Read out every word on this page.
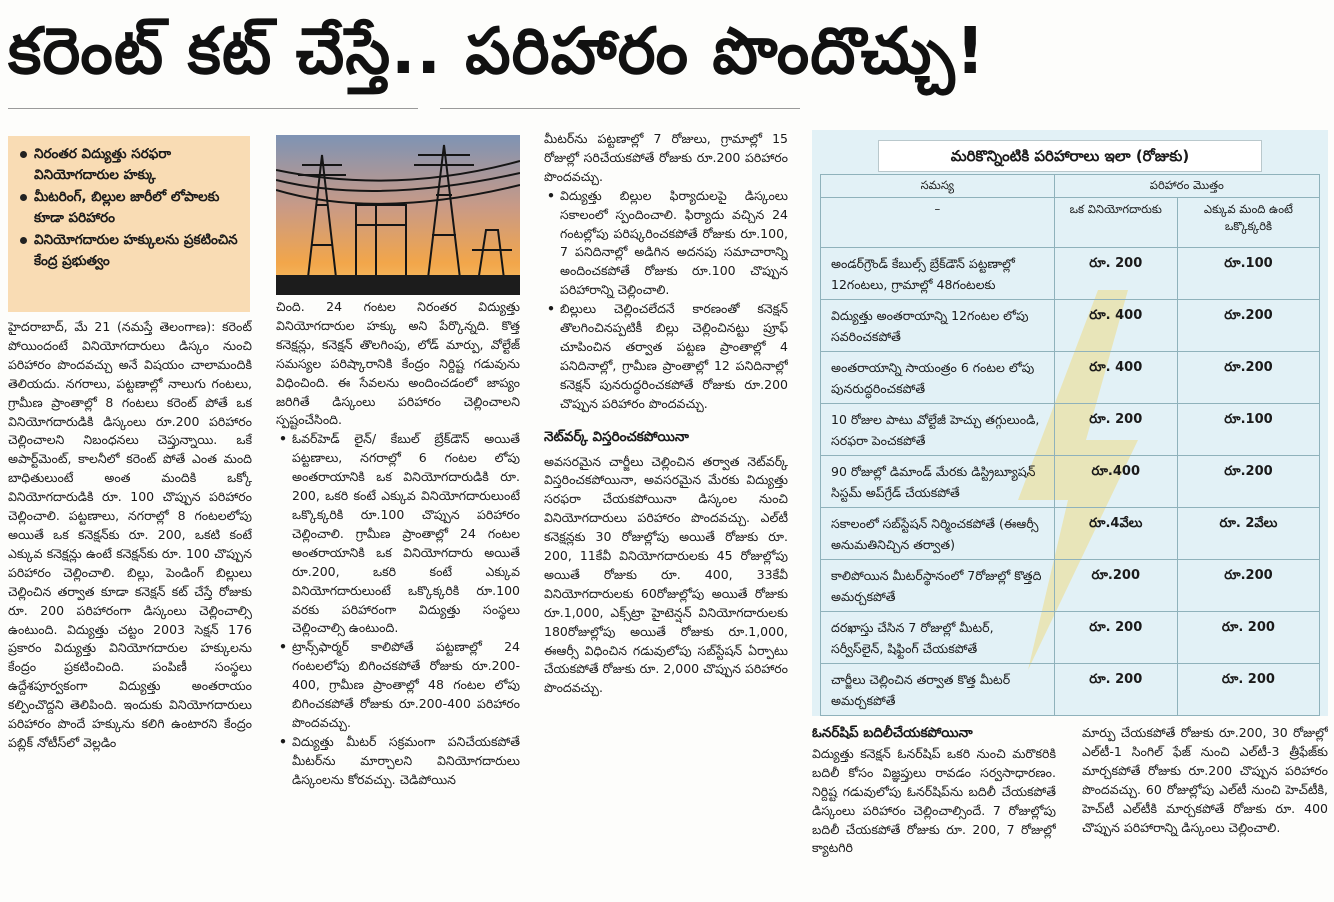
కరెంట్ కట్ చేస్తే.. పరిహారం పొందొచ్చు!
నిరంతర విద్యుత్తు సరఫరా వినియోగదారుల హక్కు
మీటరింగ్, బిల్లుల జారీలో లోపాలకు కూడా పరిహారం
వినియోగదారుల హక్కులను ప్రకటించిన కేంద్ర ప్రభుత్వం

హైదరాబాద్, మే 21 (నమస్తే తెలంగాణ): కరెంట్ పోయిందంటే వినియోగదారులు డిస్కం నుంచి పరిహారం పొందవచ్చు అనే విషయం చాలామందికి తెలియదు. నగరాలు, పట్టణాల్లో నాలుగు గంటలు, గ్రామీణ ప్రాంతాల్లో 8 గంటలు కరెంట్ పోతే ఒక వినియోగదారుడికి డిస్కంలు రూ.200 పరిహారం చెల్లించాలని నిబంధనలు చెప్తున్నాయి. ఒకే అపార్ట్‌మెంట్, కాలనీలో కరెంట్ పోతే ఎంత మంది బాధితులుంటే అంత మందికి ఒక్కో వినియోగదారుడికి రూ. 100 చొప్పున పరిహారం చెల్లించాలి. పట్టణాలు, నగరాల్లో 8 గంటలలోపు అయితే ఒక కనెక్షన్‌కు రూ. 200, ఒకటి కంటే ఎక్కువ కనెక్షన్లు ఉంటే కనెక్షన్‌కు రూ. 100 చొప్పున పరిహారం చెల్లించాలి. బిల్లు, పెండింగ్ బిల్లులు చెల్లించిన తర్వాత కూడా కనెక్షన్ కట్ చేస్తే రోజుకు రూ. 200 పరిహారంగా డిస్కంలు చెల్లించాల్సి ఉంటుంది. విద్యుత్తు చట్టం 2003 సెక్షన్ 176 ప్రకారం విద్యుత్తు వినియోగదారుల హక్కులను కేంద్రం ప్రకటించింది. పంపిణీ సంస్థలు ఉద్దేశపూర్వకంగా విద్యుత్తు అంతరాయం కల్పించొద్దని తెలిపింది. ఇందుకు వినియోగదారులు పరిహారం పొందే హక్కును కలిగి ఉంటారని కేంద్రం పబ్లిక్ నోటీస్‌లో వెల్లడిం

చింది. 24 గంటల నిరంతర విద్యుత్తు వినియోగదారుల హక్కు అని పేర్కొన్నది. కొత్త కనెక్షన్లు, కనెక్షన్ తొలగింపు, లోడ్ మార్పు, వోల్టేజ్ సమస్యల పరిష్కారానికి కేంద్రం నిర్దిష్ట గడువును విధించింది. ఈ సేవలను అందించడంలో జాప్యం జరిగితే డిస్కంలు పరిహారం చెల్లించాలని స్పష్టంచేసింది.

• ఓవర్‌హెడ్ లైన్/ కేబుల్ బ్రేక్‌డౌన్ అయితే పట్టణాలు, నగరాల్లో 6 గంటల లోపు అంతరాయానికి ఒక వినియోగదారుడికి రూ. 200, ఒకరి కంటే ఎక్కువ వినియోగదారులుంటే ఒక్కొక్కరికి రూ.100 చొప్పున పరిహారం చెల్లించాలి. గ్రామీణ ప్రాంతాల్లో 24 గంటల అంతరాయానికి ఒక వినియోగదారు అయితే రూ.200, ఒకరి కంటే ఎక్కువ వినియోగదారులుంటే ఒక్కొక్కరికి రూ.100 వరకు పరిహారంగా విద్యుత్తు సంస్థలు చెల్లించాల్సి ఉంటుంది.

• ట్రాన్స్‌ఫార్మర్ కాలిపోతే పట్టణాల్లో 24 గంటలలోపు బిగించకపోతే రోజుకు రూ.200-400, గ్రామీణ ప్రాంతాల్లో 48 గంటల లోపు బిగించకపోతే రోజుకు రూ.200-400 పరిహారం పొందవచ్చు.

• విద్యుత్తు మీటర్ సక్రమంగా పనిచేయకపోతే మీటర్‌ను మార్చాలని వినియోగదారులు డిస్కంలను కోరవచ్చు. చెడిపోయిన

మీటర్‌ను పట్టణాల్లో 7 రోజులు, గ్రామాల్లో 15 రోజుల్లో సరిచేయకపోతే రోజుకు రూ.200 పరిహారం పొందవచ్చు.

• విద్యుత్తు బిల్లుల ఫిర్యాదులపై డిస్కంలు సకాలంలో స్పందించాలి. ఫిర్యాదు వచ్చిన 24 గంటల్లోపు పరిష్కరించకపోతే రోజుకు రూ.100, 7 పనిదినాల్లో అడిగిన అదనపు సమాచారాన్ని అందించకపోతే రోజుకు రూ.100 చొప్పున పరిహారాన్ని చెల్లించాలి.

• బిల్లులు చెల్లించలేదనే కారణంతో కనెక్షన్ తొలగించినప్పటికీ బిల్లు చెల్లించినట్టు ప్రూఫ్ చూపించిన తర్వాత పట్టణ ప్రాంతాల్లో 4 పనిదినాల్లో, గ్రామీణ ప్రాంతాల్లో 12 పనిదినాల్లో కనెక్షన్ పునరుద్ధరించకపోతే రోజుకు రూ.200 చొప్పున పరిహారం పొందవచ్చు.

నెట్‌వర్క్ విస్తరించకపోయినా

అవసరమైన చార్జీలు చెల్లించిన తర్వాత నెట్‌వర్క్ విస్తరించకపోయినా, అవసరమైన మేరకు విద్యుత్తు సరఫరా చేయకపోయినా డిస్కంల నుంచి వినియోగదారులు పరిహారం పొందవచ్చు. ఎల్‌టీ కనెక్షన్లకు 30 రోజుల్లోపు అయితే రోజుకు రూ. 200, 11కేవీ వినియోగదారులకు 45 రోజుల్లోపు అయితే రోజుకు రూ. 400, 33కేవీ వినియోగదారులకు 60రోజుల్లోపు అయితే రోజుకు రూ.1,000, ఎక్స్‌ట్రా హైటెన్షన్ వినియోగదారులకు 180రోజుల్లోపు అయితే రోజుకు రూ.1,000, ఈఆర్సీ విధించిన గడువులోపు సబ్‌స్టేషన్ ఏర్పాటు చేయకపోతే రోజుకు రూ. 2,000 చొప్పున పరిహారం పొందవచ్చు.

మరికొన్నింటికి పరిహారాలు ఇలా (రోజుకు)
సమస్య	పరిహారం మొత్తం	
–	ఒక వినియోగదారుకు	ఎక్కువ మంది ఉంటే ఒక్కొక్కరికి
అండర్‌గ్రౌండ్ కేబుల్స్ బ్రేక్‌డౌన్ పట్టణాల్లో 12గంటలు, గ్రామాల్లో 48గంటలకు	రూ. 200	రూ.100
విద్యుత్తు అంతరాయాన్ని 12గంటల లోపు సవరించకపోతే	రూ. 400	రూ.200
అంతరాయాన్ని సాయంత్రం 6 గంటల లోపు పునరుద్ధరించకపోతే	రూ. 400	రూ.200
10 రోజుల పాటు వోల్టేజీ హెచ్చు తగ్గులుండి, సరఫరా పెంచకపోతే	రూ. 200	రూ.100
90 రోజుల్లో డిమాండ్ మేరకు డిస్ట్రిబ్యూషన్ సిస్టమ్ అప్‌గ్రేడ్ చేయకపోతే	రూ.400	రూ.200
సకాలంలో సబ్‌స్టేషన్ నిర్మించకపోతే (ఈఆర్సీ అనుమతినిచ్చిన తర్వాత)	రూ.4వేలు	రూ. 2వేలు
కాలిపోయిన మీటర్‌స్థానంలో 7రోజుల్లో కొత్తది అమర్చకపోతే	రూ.200	రూ.200
దరఖాస్తు చేసిన 7 రోజుల్లో మీటర్, సర్వీస్‌లైన్, షిఫ్టింగ్ చేయకపోతే	రూ. 200	రూ. 200
చార్జీలు చెల్లించిన తర్వాత కొత్త మీటర్ అమర్చకపోతే	రూ. 200	రూ. 200

ఓనర్‌షిప్ బదిలీచేయకపోయినా

విద్యుత్తు కనెక్షన్ ఓనర్‌షిప్ ఒకరి నుంచి మరొకరికి బదిలీ కోసం విజ్ఞప్తులు రావడం సర్వసాధారణం. నిర్దిష్ట గడువులోపు ఓనర్‌షిప్‌ను బదిలీ చేయకపోతే డిస్కంలు పరిహారం చెల్లించాల్సిందే. 7 రోజుల్లోపు బదిలీ చేయకపోతే రోజుకు రూ. 200, 7 రోజుల్లో క్యాటగిరి

మార్పు చేయకపోతే రోజుకు రూ.200, 30 రోజుల్లో ఎల్‌టీ-1 సింగిల్ ఫేజ్ నుంచి ఎల్‌టీ-3 త్రీఫేజ్‌కు మార్చకపోతే రోజుకు రూ.200 చొప్పున పరిహారం పొందవచ్చు. 60 రోజుల్లోపు ఎల్‌టీ నుంచి హెచ్‌టీకి, హెచ్‌టీ ఎల్‌టీకి మార్చకపోతే రోజుకు రూ. 400 చొప్పున పరిహారాన్ని డిస్కంలు చెల్లించాలి.
